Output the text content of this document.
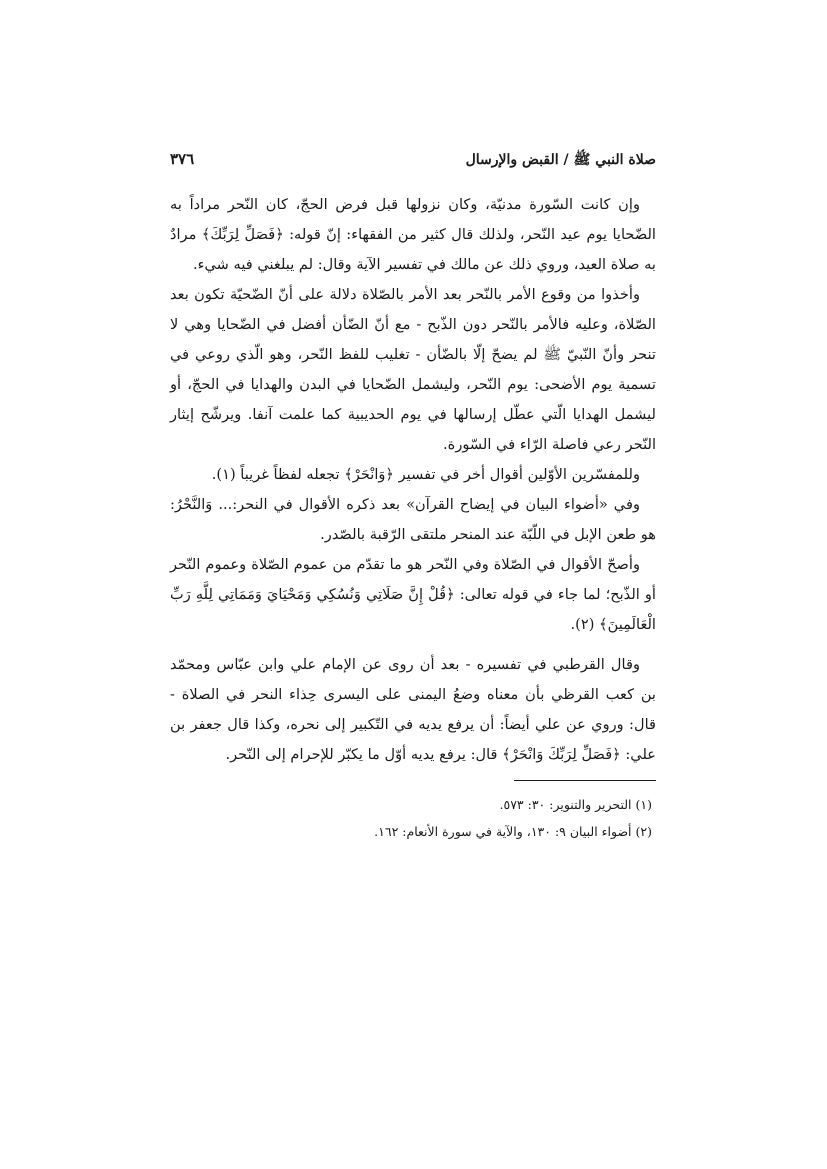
صلاة النبي ﷺ / القبض والإرسال
٣٧٦

وإن كانت السّورة مدنيّة، وكان نزولها قبل فرض الحجّ، كان النّحر مراداً به الضّحايا يوم عيد النّحر، ولذلك قال كثير من الفقهاء: إنّ قوله: ﴿فَصَلِّ لِرَبِّكَ﴾ مرادٌ به صلاة العيد، وروي ذلك عن مالك في تفسير الآية وقال: لم يبلغني فيه شيء.

وأخذوا من وقوع الأمر بالنّحر بعد الأمر بالصّلاة دلالة على أنّ الضّحيّة تكون بعد الصّلاة، وعليه فالأمر بالنّحر دون الذّبح - مع أنّ الضّأن أفضل في الضّحايا وهي لا تنحر وأنّ النّبيّ ﷺ لم يضحّ إلّا بالضّأن - تغليب للفظ النّحر، وهو الّذي روعي في تسمية يوم الأضحى: يوم النّحر، وليشمل الضّحايا في البدن والهدايا في الحجّ، أو ليشمل الهدايا الّتي عطّل إرسالها في يوم الحديبية كما علمت آنفا. ويرشّح إيثار النّحر رعي فاصلة الرّاء في السّورة.

وللمفسّرين الأوّلين أقوال أخر في تفسير ﴿وَانْحَرْ﴾ تجعله لفظاً غريباً (١).

وفي «أضواء البيان في إيضاح القرآن» بعد ذكره الأقوال في النحر:... وَالنَّحْرُ: هو طعن الإبل في اللّبّة عند المنحر ملتقى الرّقبة بالصّدر.

وأصحّ الأقوال في الصّلاة وفي النّحر هو ما تقدّم من عموم الصّلاة وعموم النّحر أو الذّبح؛ لما جاء في قوله تعالى: ﴿قُلْ إِنَّ صَلَاتِي وَنُسُكِي وَمَحْيَايَ وَمَمَاتِي لِلَّهِ رَبِّ الْعَالَمِينَ﴾ (٢).

وقال القرطبي في تفسيره - بعد أن روى عن الإمام علي وابن عبّاس ومحمّد بن كعب القرظي بأن معناه وضعُ اليمنى على اليسرى حِذاء النحر في الصلاة - قال: وروي عن علي أيضاً: أن يرفع يديه في التّكبير إلى نحره، وكذا قال جعفر بن علي: ﴿فَصَلِّ لِرَبِّكَ وَانْحَرْ﴾ قال: يرفع يديه أوّل ما يكبّر للإحرام إلى النّحر.

(١) التحرير والتنوير: ٣٠: ٥٧٣.
(٢) أضواء البيان ٩: ١٣٠، والآية في سورة الأنعام: ١٦٢.
